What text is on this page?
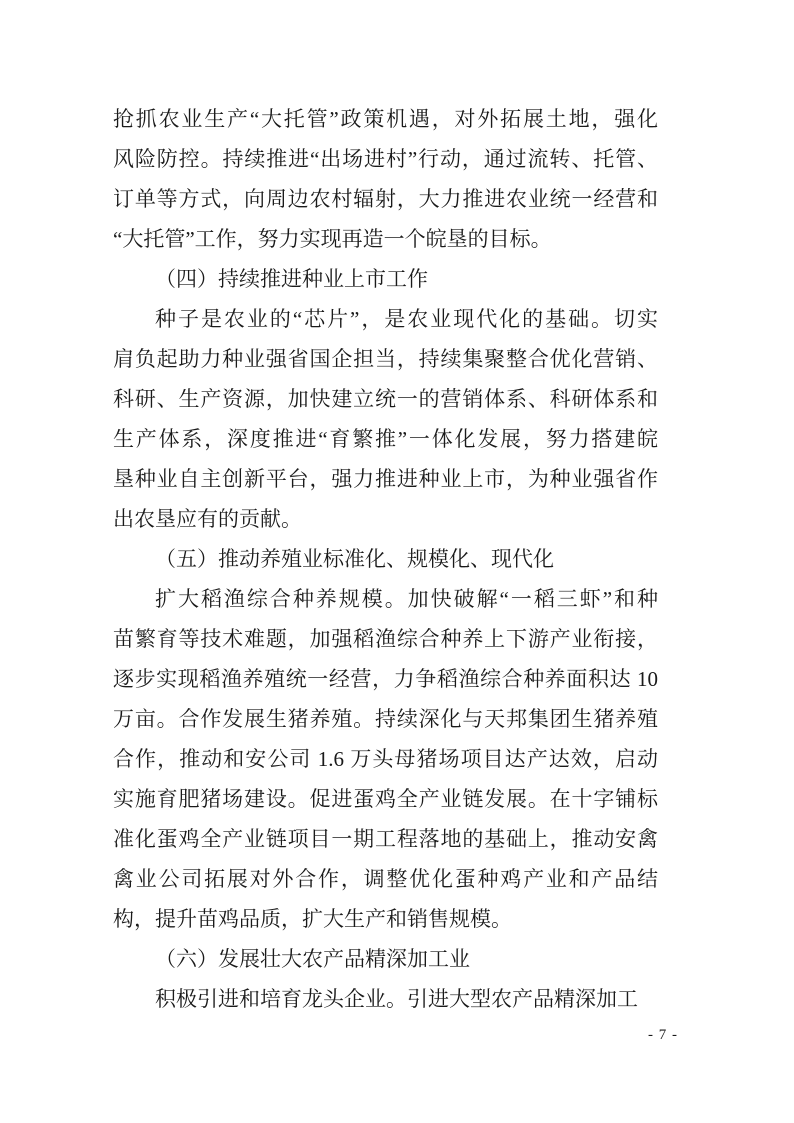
抢抓农业生产“大托管”政策机遇，对外拓展土地，强化
风险防控。持续推进“出场进村”行动，通过流转、托管、
订单等方式，向周边农村辐射，大力推进农业统一经营和
“大托管”工作，努力实现再造一个皖垦的目标。
（四）持续推进种业上市工作
种子是农业的“芯片”，是农业现代化的基础。切实
肩负起助力种业强省国企担当，持续集聚整合优化营销、
科研、生产资源，加快建立统一的营销体系、科研体系和
生产体系，深度推进“育繁推”一体化发展，努力搭建皖
垦种业自主创新平台，强力推进种业上市，为种业强省作
出农垦应有的贡献。
（五）推动养殖业标准化、规模化、现代化
扩大稻渔综合种养规模。加快破解“一稻三虾”和种
苗繁育等技术难题，加强稻渔综合种养上下游产业衔接，
逐步实现稻渔养殖统一经营，力争稻渔综合种养面积达 10
万亩。合作发展生猪养殖。持续深化与天邦集团生猪养殖
合作，推动和安公司 1.6 万头母猪场项目达产达效，启动
实施育肥猪场建设。促进蛋鸡全产业链发展。在十字铺标
准化蛋鸡全产业链项目一期工程落地的基础上，推动安禽
禽业公司拓展对外合作，调整优化蛋种鸡产业和产品结
构，提升苗鸡品质，扩大生产和销售规模。
（六）发展壮大农产品精深加工业
积极引进和培育龙头企业。引进大型农产品精深加工
- 7 -
